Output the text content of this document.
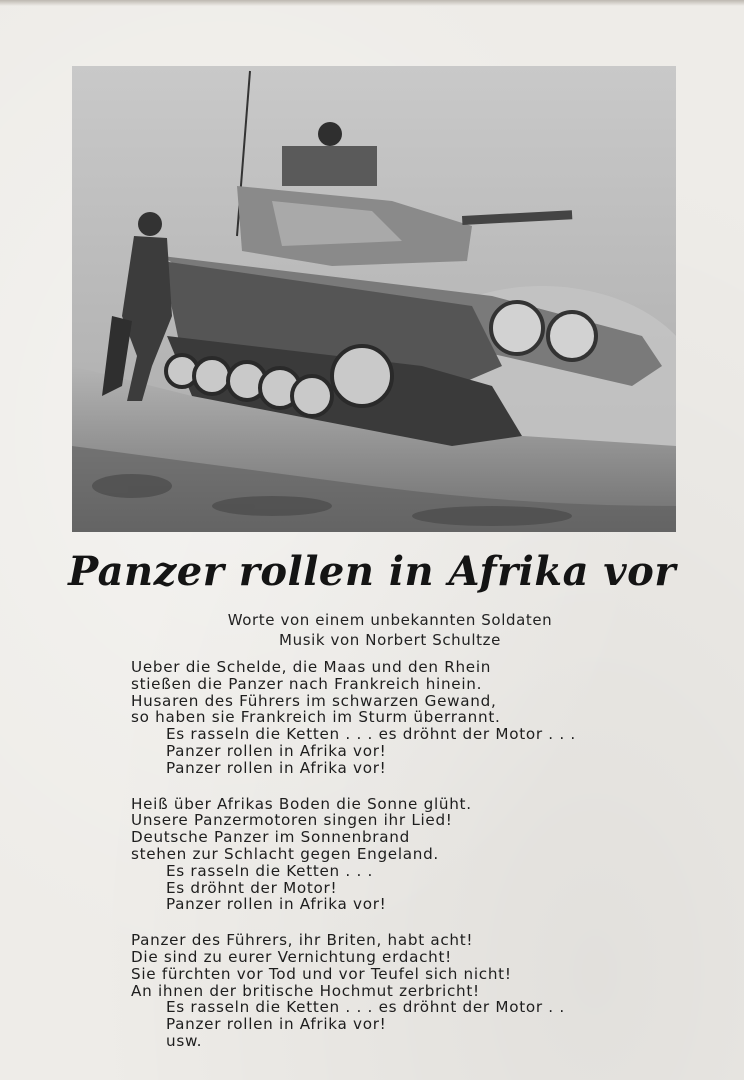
Panzer rollen in Afrika vor
Worte von einem unbekannten Soldaten
Musik von Norbert Schultze
Ueber die Schelde, die Maas und den Rhein
stießen die Panzer nach Frankreich hinein.
Husaren des Führers im schwarzen Gewand,
so haben sie Frankreich im Sturm überrannt.
Es rasseln die Ketten . . . es dröhnt der Motor . . .
Panzer rollen in Afrika vor!
Panzer rollen in Afrika vor!
Heiß über Afrikas Boden die Sonne glüht.
Unsere Panzermotoren singen ihr Lied!
Deutsche Panzer im Sonnenbrand
stehen zur Schlacht gegen Engeland.
Es rasseln die Ketten . . .
Es dröhnt der Motor!
Panzer rollen in Afrika vor!
Panzer des Führers, ihr Briten, habt acht!
Die sind zu eurer Vernichtung erdacht!
Sie fürchten vor Tod und vor Teufel sich nicht!
An ihnen der britische Hochmut zerbricht!
Es rasseln die Ketten . . . es dröhnt der Motor . .
Panzer rollen in Afrika vor!
usw.
